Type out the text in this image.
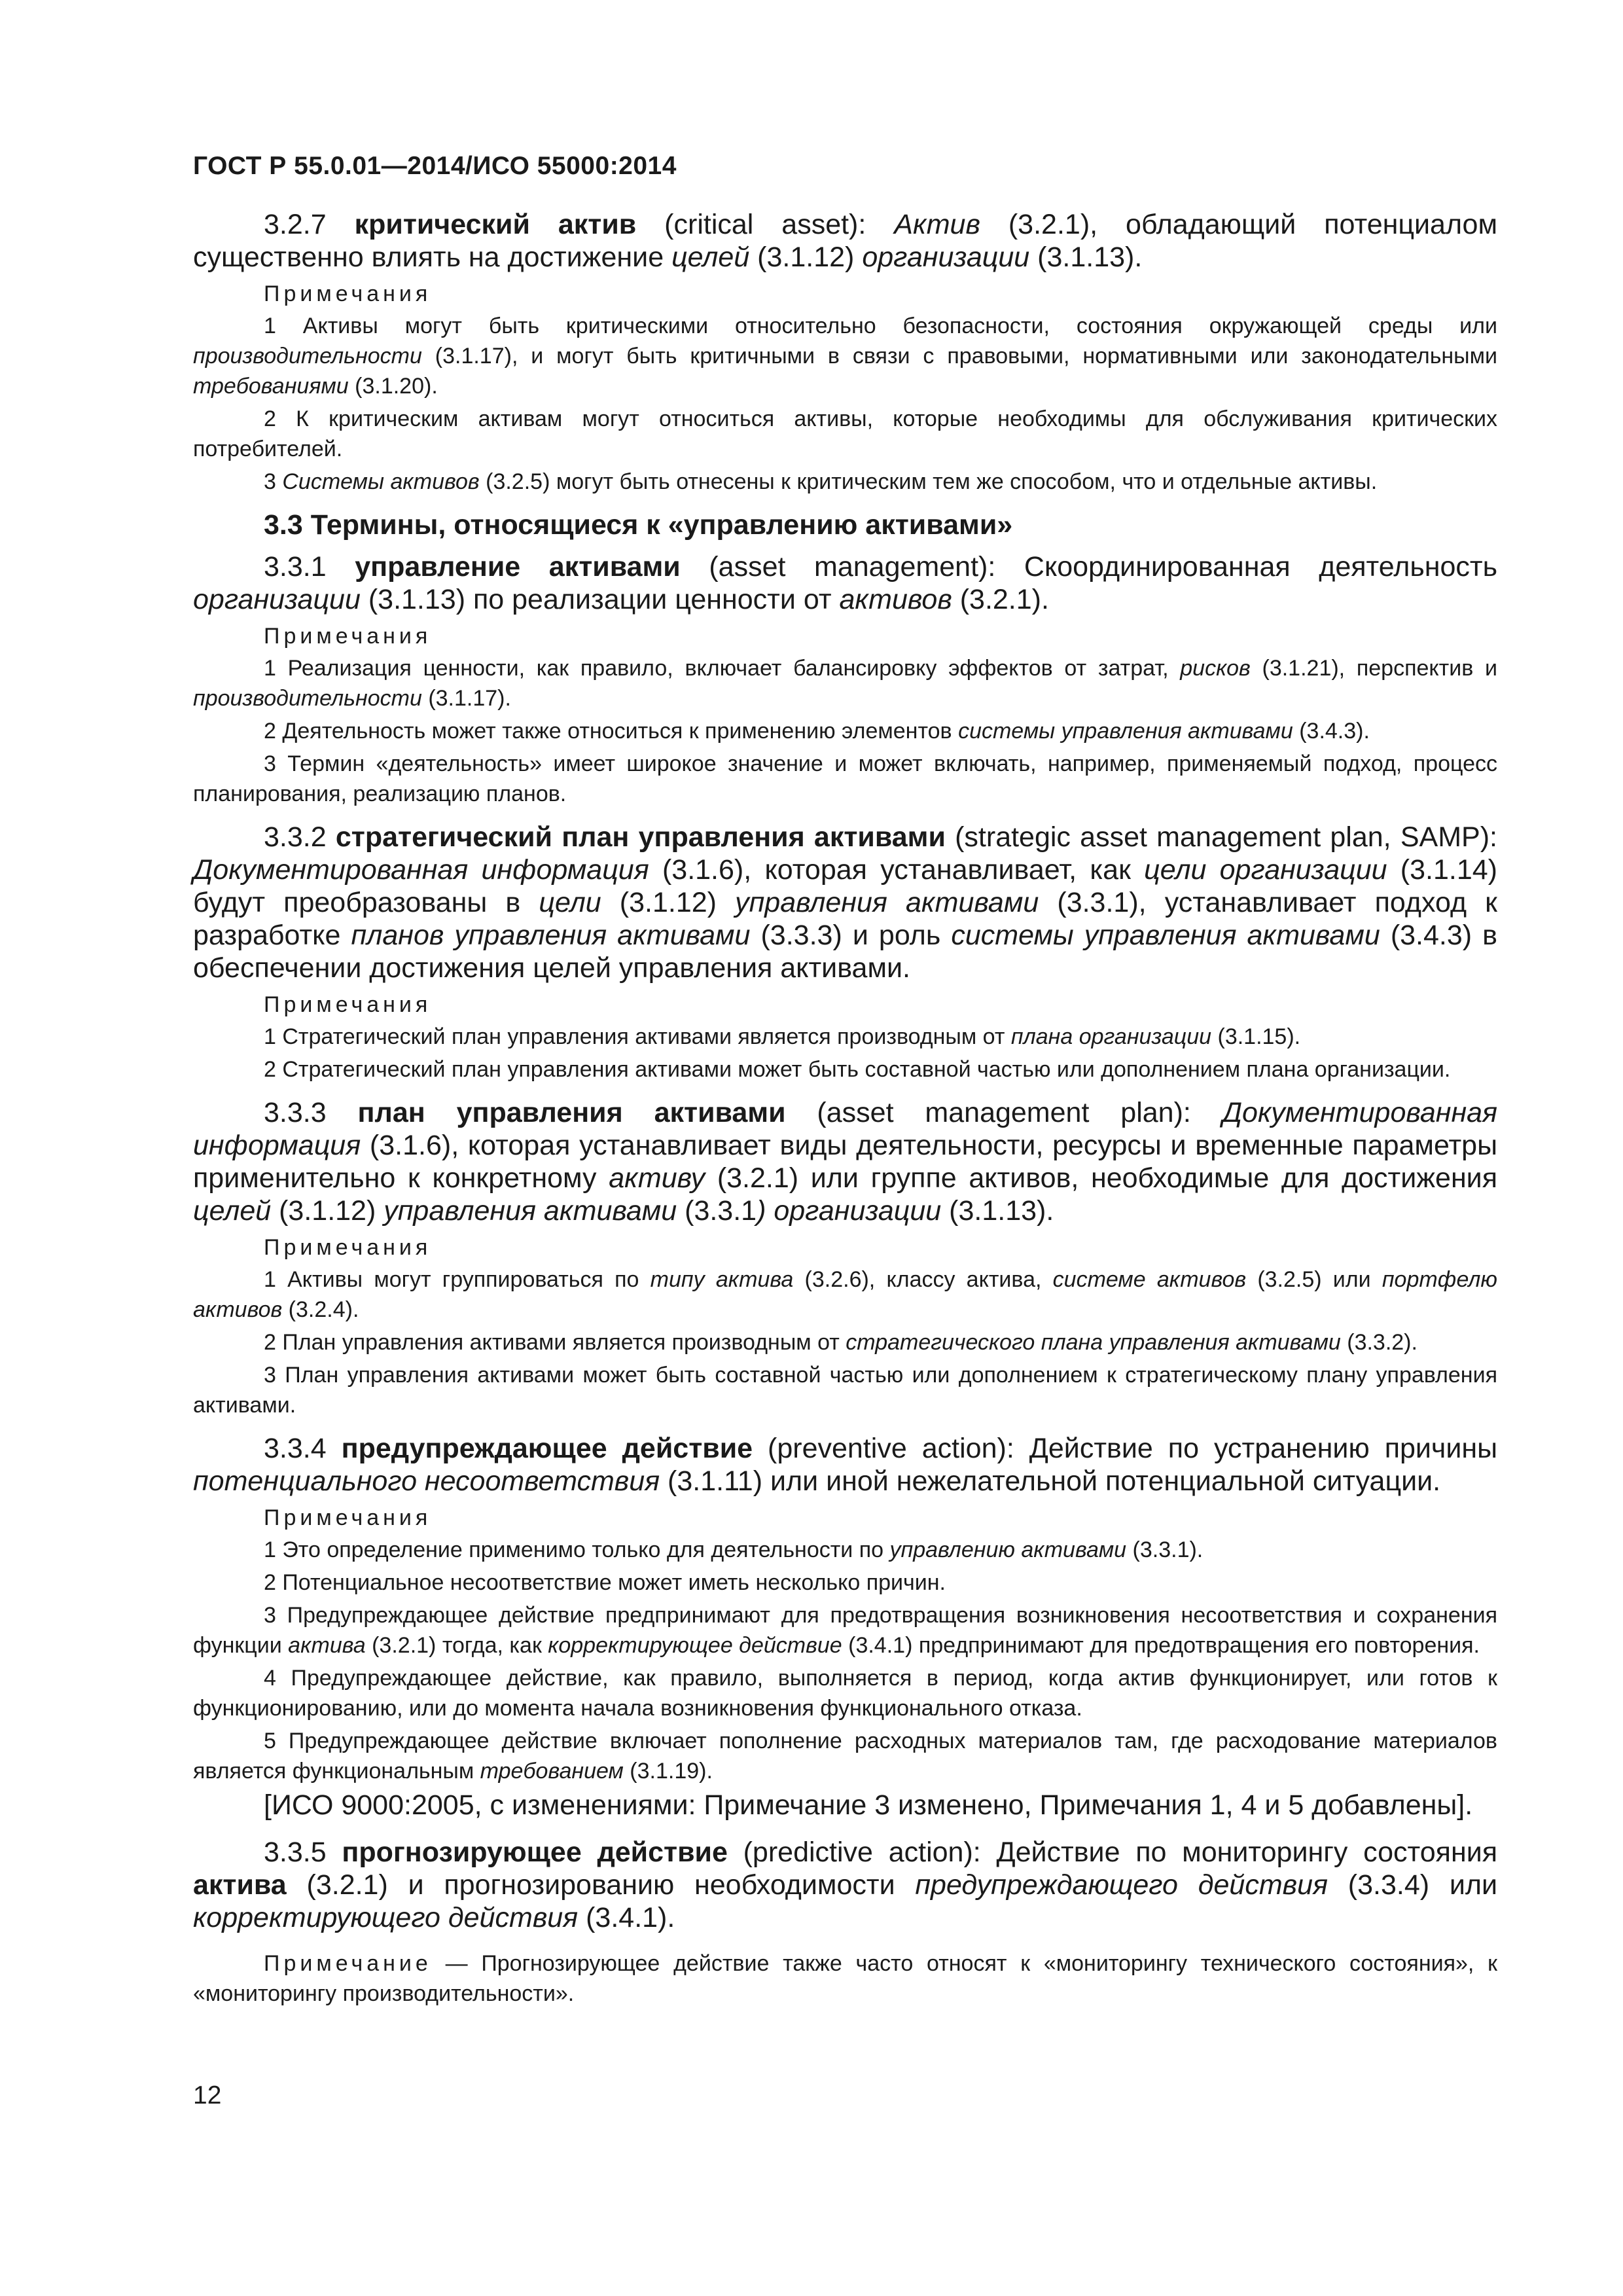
ГОСТ Р 55.0.01—2014/ИСО 55000:2014

3.2.7 критический актив (critical asset): Актив (3.2.1), обладающий потенциалом существенно влиять на достижение целей (3.1.12) организации (3.1.13).

Примечания

1 Активы могут быть критическими относительно безопасности, состояния окружающей среды или производительности (3.1.17), и могут быть критичными в связи с правовыми, нормативными или законодательными требованиями (3.1.20).

2 К критическим активам могут относиться активы, которые необходимы для обслуживания критических потребителей.

3 Системы активов (3.2.5) могут быть отнесены к критическим тем же способом, что и отдельные активы.

3.3 Термины, относящиеся к «управлению активами»

3.3.1 управление активами (asset management): Скоординированная деятельность организации (3.1.13) по реализации ценности от активов (3.2.1).

Примечания

1 Реализация ценности, как правило, включает балансировку эффектов от затрат, рисков (3.1.21), перспектив и производительности (3.1.17).

2 Деятельность может также относиться к применению элементов системы управления активами (3.4.3).

3 Термин «деятельность» имеет широкое значение и может включать, например, применяемый подход, процесс планирования, реализацию планов.

3.3.2 стратегический план управления активами (strategic asset management plan, SAMP): Документированная информация (3.1.6), которая устанавливает, как цели организации (3.1.14) будут преобразованы в цели (3.1.12) управления активами (3.3.1), устанавливает подход к разработке планов управления активами (3.3.3) и роль системы управления активами (3.4.3) в обеспечении достижения целей управления активами.

Примечания

1 Стратегический план управления активами является производным от плана организации (3.1.15).

2 Стратегический план управления активами может быть составной частью или дополнением плана организации.

3.3.3 план управления активами (asset management plan): Документированная информация (3.1.6), которая устанавливает виды деятельности, ресурсы и временные параметры применительно к конкретному активу (3.2.1) или группе активов, необходимые для достижения целей (3.1.12) управления активами (3.3.1) организации (3.1.13).

Примечания

1 Активы могут группироваться по типу актива (3.2.6), классу актива, системе активов (3.2.5) или портфелю активов (3.2.4).

2 План управления активами является производным от стратегического плана управления активами (3.3.2).

3 План управления активами может быть составной частью или дополнением к стратегическому плану управления активами.

3.3.4 предупреждающее действие (preventive action): Действие по устранению причины потенциального несоответствия (3.1.11) или иной нежелательной потенциальной ситуации.

Примечания

1 Это определение применимо только для деятельности по управлению активами (3.3.1).

2 Потенциальное несоответствие может иметь несколько причин.

3 Предупреждающее действие предпринимают для предотвращения возникновения несоответствия и сохранения функции актива (3.2.1) тогда, как корректирующее действие (3.4.1) предпринимают для предотвращения его повторения.

4 Предупреждающее действие, как правило, выполняется в период, когда актив функционирует, или готов к функционированию, или до момента начала возникновения функционального отказа.

5 Предупреждающее действие включает пополнение расходных материалов там, где расходование материалов является функциональным требованием (3.1.19).

[ИСО 9000:2005, с изменениями: Примечание 3 изменено, Примечания 1, 4 и 5 добавлены].

3.3.5 прогнозирующее действие (predictive action): Действие по мониторингу состояния актива (3.2.1) и прогнозированию необходимости предупреждающего действия (3.3.4) или корректирующего действия (3.4.1).

Примечание — Прогнозирующее действие также часто относят к «мониторингу технического состояния», к «мониторингу производительности».

12
